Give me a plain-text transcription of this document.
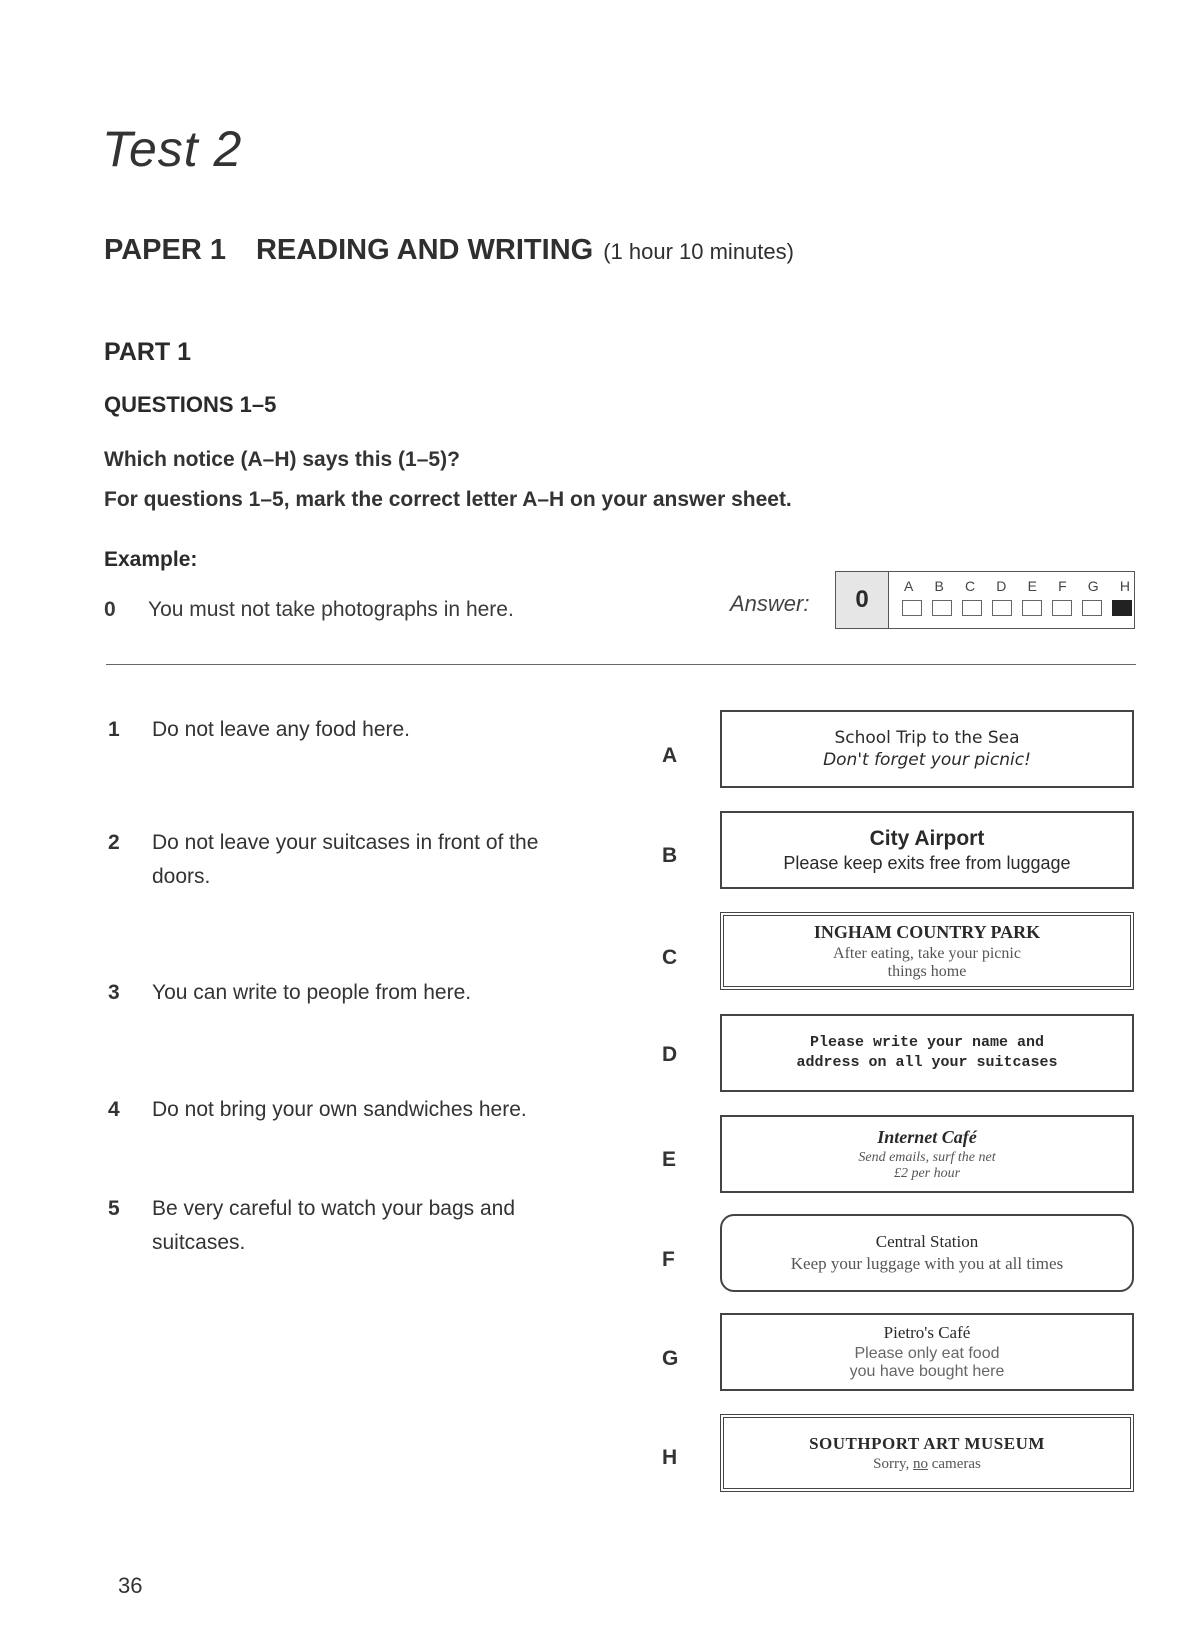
Test 2
PAPER 1 READING AND WRITING (1 hour 10 minutes)
PART 1
QUESTIONS 1–5
Which notice (A–H) says this (1–5)?
For questions 1–5, mark the correct letter A–H on your answer sheet.
Example:
0 You must not take photographs in here.	Answer:	0	A B C D E F G H
1 Do not leave any food here.
2 Do not leave your suitcases in front of the doors.
3 You can write to people from here.
4 Do not bring your own sandwiches here.
5 Be very careful to watch your bags and suitcases.
A
School Trip to the Sea
Don't forget your picnic!
B
City Airport
Please keep exits free from luggage
C
INGHAM COUNTRY PARK
After eating, take your picnic things home
D
Please write your name and address on all your suitcases
E
Internet Café
Send emails, surf the net
£2 per hour
F
Central Station
Keep your luggage with you at all times
G
Pietro's Café
Please only eat food
you have bought here
H
SOUTHPORT ART MUSEUM
Sorry, no cameras
36
